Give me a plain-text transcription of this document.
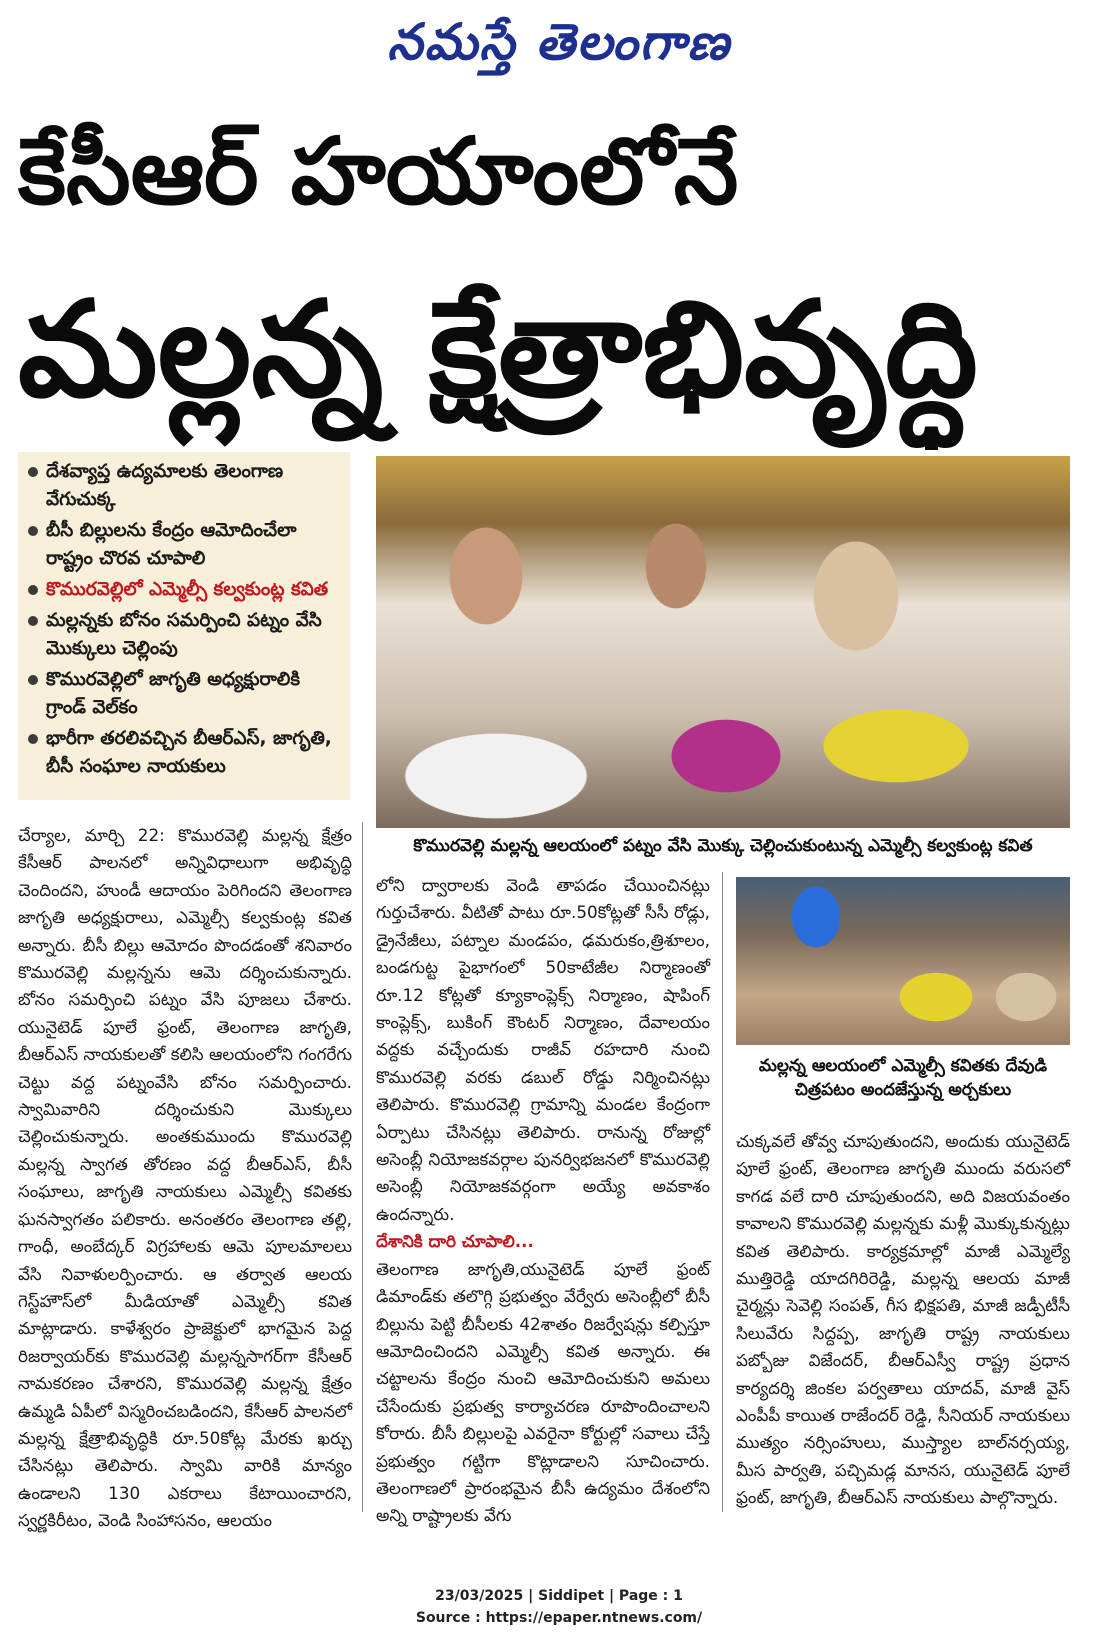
నమస్తే తెలంగాణ
కేసీఆర్ హయాంలోనే
మల్లన్న క్షేత్రాభివృద్ధి
దేశవ్యాప్త ఉద్యమాలకు తెలంగాణ వేగుచుక్క
బీసీ బిల్లులను కేంద్రం ఆమోదించేలా రాష్ట్రం చొరవ చూపాలి
కొమురవెల్లిలో ఎమ్మెల్సీ కల్వకుంట్ల కవిత
మల్లన్నకు బోనం సమర్పించి పట్నం వేసి మొక్కులు చెల్లింపు
కొమురవెల్లిలో జాగృతి అధ్యక్షురాలికి గ్రాండ్ వెల్‌కం
భారీగా తరలివచ్చిన బీఆర్ఎస్, జాగృతి, బీసీ సంఘాల నాయకులు
కొమురవెల్లి మల్లన్న ఆలయంలో పట్నం వేసి మొక్కు చెల్లించుకుంటున్న ఎమ్మెల్సీ కల్వకుంట్ల కవిత
మల్లన్న ఆలయంలో ఎమ్మెల్సీ కవితకు దేవుడి చిత్రపటం అందజేస్తున్న అర్చకులు

చేర్యాల, మార్చి 22: కొమురవెల్లి మల్లన్న క్షేత్రం కేసీఆర్ పాలనలో అన్నివిధాలుగా అభివృద్ధి చెందిందని, హుండీ ఆదాయం పెరిగిందని తెలంగాణ జాగృతి అధ్యక్షురాలు, ఎమ్మెల్సీ కల్వకుంట్ల కవిత అన్నారు. బీసీ బిల్లు ఆమోదం పొందడంతో శనివారం కొమురవెల్లి మల్లన్నను ఆమె దర్శించుకున్నారు. బోనం సమర్పించి పట్నం వేసి పూజలు చేశారు. యునైటెడ్ పూలే ఫ్రంట్, తెలంగాణ జాగృతి, బీఆర్ఎస్ నాయకులతో కలిసి ఆలయంలోని గంగరేగు చెట్టు వద్ద పట్నంవేసి బోనం సమర్పించారు. స్వామివారిని దర్శించుకుని మొక్కులు చెల్లించుకున్నారు. అంతకుముందు కొమురవెల్లి మల్లన్న స్వాగత తోరణం వద్ద బీఆర్ఎస్, బీసీ సంఘాలు, జాగృతి నాయకులు ఎమ్మెల్సీ కవితకు ఘనస్వాగతం పలికారు. అనంతరం తెలంగాణ తల్లి, గాంధీ, అంబేద్కర్ విగ్రహాలకు ఆమె పూలమాలలు వేసి నివాళులర్పించారు. ఆ తర్వాత ఆలయ గెస్ట్‌హౌస్‌లో మీడియాతో ఎమ్మెల్సీ కవిత మాట్లాడారు. కాళేశ్వరం ప్రాజెక్టులో భాగమైన పెద్ద రిజర్వాయర్‌కు కొమురవెల్లి మల్లన్నసాగర్‌గా కేసీఆర్ నామకరణం చేశారని, కొమురవెల్లి మల్లన్న క్షేత్రం ఉమ్మడి ఏపీలో విస్మరించబడిందని, కేసీఆర్ పాలనలో మల్లన్న క్షేత్రాభివృద్ధికి రూ.50కోట్ల మేరకు ఖర్చు చేసినట్లు తెలిపారు. స్వామి వారికి మాన్యం ఉండాలని 130 ఎకరాలు కేటాయించారని, స్వర్ణకిరీటం, వెండి సింహాసనం, ఆలయం

లోని ద్వారాలకు వెండి తాపడం చేయించినట్లు గుర్తుచేశారు. వీటితో పాటు రూ.50కోట్లతో సీసీ రోడ్లు, డ్రైనేజీలు, పట్నాల మండపం, ఢమరుకం,త్రిశూలం, బండగుట్ట పైభాగంలో 50కాటేజీల నిర్మాణంతో రూ.12 కోట్లతో క్యూకాంప్లెక్స్ నిర్మాణం, షాపింగ్ కాంప్లెక్స్, బుకింగ్ కౌంటర్ నిర్మాణం, దేవాలయం వద్దకు వచ్చేందుకు రాజీవ్ రహదారి నుంచి కొమురవెల్లి వరకు డబుల్ రోడ్డు నిర్మించినట్లు తెలిపారు. కొమురవెల్లి గ్రామాన్ని మండల కేంద్రంగా ఏర్పాటు చేసినట్లు తెలిపారు. రానున్న రోజుల్లో అసెంబ్లీ నియోజకవర్గాల పునర్విభజనలో కొమురవెల్లి అసెంబ్లీ నియోజకవర్గంగా అయ్యే అవకాశం ఉందన్నారు.

దేశానికి దారి చూపాలి...

తెలంగాణ జాగృతి,యునైటెడ్ పూలే ఫ్రంట్ డిమాండ్‌కు తలొగ్గి ప్రభుత్వం వేర్వేరు అసెంబ్లీలో బీసీ బిల్లును పెట్టి బీసీలకు 42శాతం రిజర్వేషన్లు కల్పిస్తూ ఆమోదించిందని ఎమ్మెల్సీ కవిత అన్నారు. ఈ చట్టాలను కేంద్రం నుంచి ఆమోదించుకుని అమలు చేసేందుకు ప్రభుత్వ కార్యాచరణ రూపొందించాలని కోరారు. బీసీ బిల్లులపై ఎవరైనా కోర్టుల్లో సవాలు చేస్తే ప్రభుత్వం గట్టిగా కొట్లాడాలని సూచించారు. తెలంగాణలో ప్రారంభమైన బీసీ ఉద్యమం దేశంలోని అన్ని రాష్ట్రాలకు వేగు

చుక్కవలే తోవ్వ చూపుతుందని, అందుకు యునైటెడ్ పూలే ఫ్రంట్, తెలంగాణ జాగృతి ముందు వరుసలో కాగడ వలే దారి చూపుతుందని, అది విజయవంతం కావాలని కొమురవెల్లి మల్లన్నకు మళ్లీ మొక్కుకున్నట్లు కవిత తెలిపారు. కార్యక్రమాల్లో మాజీ ఎమ్మెల్యే ముత్తిరెడ్డి యాదగిరిరెడ్డి, మల్లన్న ఆలయ మాజీ చైర్మన్లు సెవెల్లి సంపత్, గీస భిక్షపతి, మాజీ జడ్పీటీసీ సిలువేరు సిద్దప్ప, జాగృతి రాష్ట్ర నాయకులు పబ్బోజు విజేందర్, బీఆర్ఎస్వీ రాష్ట్ర ప్రధాన కార్యదర్శి జింకల పర్వతాలు యాదవ్, మాజీ వైస్ ఎంపీపీ కాయిత రాజేందర్ రెడ్డి, సీనియర్ నాయకులు ముత్యం నర్సింహులు, ముస్త్యాల బాల్‌నర్సయ్య, మీస పార్వతి, పచ్చిమడ్ల మానస, యునైటెడ్ పూలే ఫ్రంట్, జాగృతి, బీఆర్ఎస్ నాయకులు పాల్గొన్నారు.

23/03/2025 | Siddipet | Page : 1
Source : https://epaper.ntnews.com/
